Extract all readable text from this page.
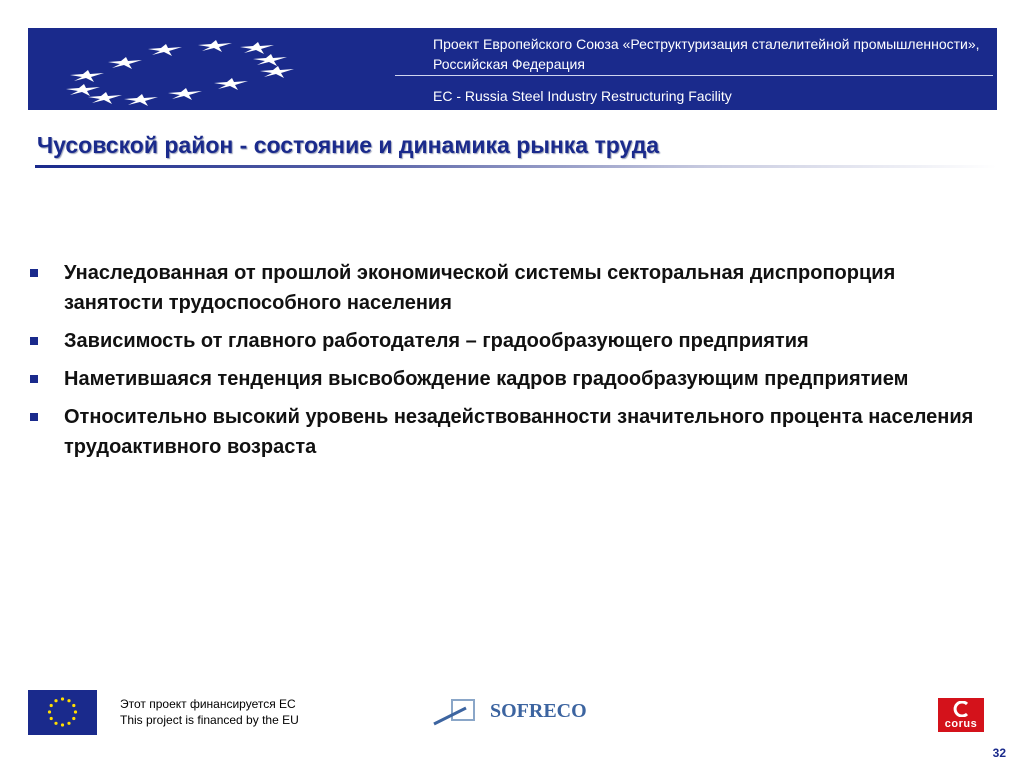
Проект Европейского Союза «Реструктуризация сталелитейной промышленности», Российская Федерация
EC - Russia Steel Industry Restructuring Facility
Чусовской район - состояние и динамика рынка труда
Унаследованная от прошлой экономической системы секторальная диспропорция занятости трудоспособного населения
Зависимость от главного работодателя – градообразующего предприятия
Наметившаяся тенденция высвобождение кадров градообразующим предприятием
Относительно высокий уровень незадействованности значительного процента населения трудоактивного возраста
Этот проект финансируется ЕС
This project is financed by the EU	SOFRECO
corus
32
